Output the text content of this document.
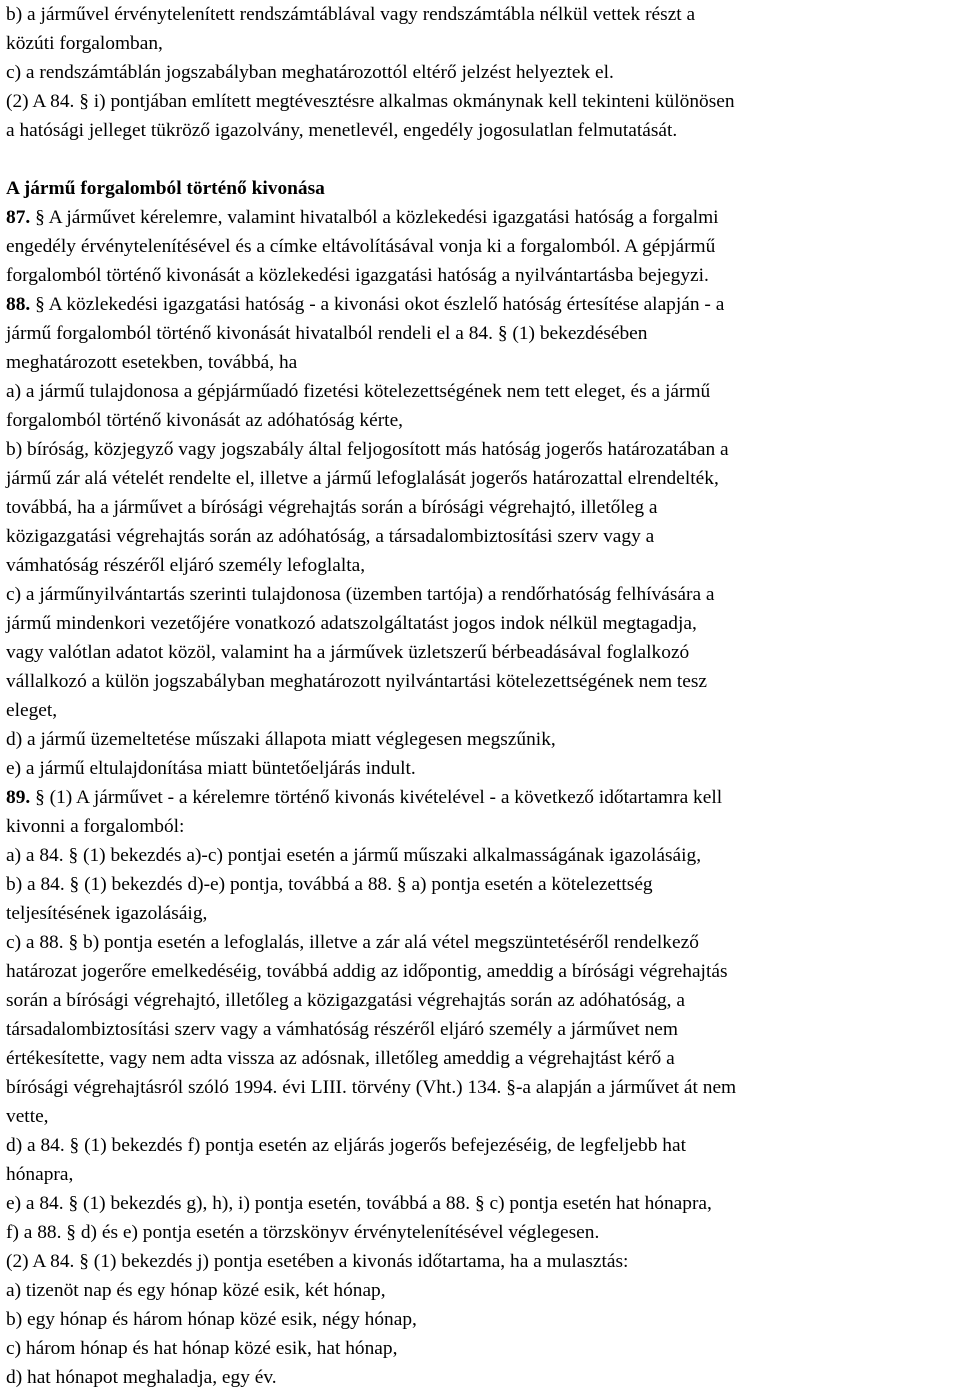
b) a járművel érvénytelenített rendszámtáblával vagy rendszámtábla nélkül vettek részt a

közúti forgalomban,

c) a rendszámtáblán jogszabályban meghatározottól eltérő jelzést helyeztek el.

(2) A 84. § i) pontjában említett megtévesztésre alkalmas okmánynak kell tekinteni különösen

a hatósági jelleget tükröző igazolvány, menetlevél, engedély jogosulatlan felmutatását.

A jármű forgalomból történő kivonása

87. § A járművet kérelemre, valamint hivatalból a közlekedési igazgatási hatóság a forgalmi

engedély érvénytelenítésével és a címke eltávolításával vonja ki a forgalomból. A gépjármű

forgalomból történő kivonását a közlekedési igazgatási hatóság a nyilvántartásba bejegyzi.

88. § A közlekedési igazgatási hatóság - a kivonási okot észlelő hatóság értesítése alapján - a

jármű forgalomból történő kivonását hivatalból rendeli el a 84. § (1) bekezdésében

meghatározott esetekben, továbbá, ha

a) a jármű tulajdonosa a gépjárműadó fizetési kötelezettségének nem tett eleget, és a jármű

forgalomból történő kivonását az adóhatóság kérte,

b) bíróság, közjegyző vagy jogszabály által feljogosított más hatóság jogerős határozatában a

jármű zár alá vételét rendelte el, illetve a jármű lefoglalását jogerős határozattal elrendelték,

továbbá, ha a járművet a bírósági végrehajtás során a bírósági végrehajtó, illetőleg a

közigazgatási végrehajtás során az adóhatóság, a társadalombiztosítási szerv vagy a

vámhatóság részéről eljáró személy lefoglalta,

c) a járműnyilvántartás szerinti tulajdonosa (üzemben tartója) a rendőrhatóság felhívására a

jármű mindenkori vezetőjére vonatkozó adatszolgáltatást jogos indok nélkül megtagadja,

vagy valótlan adatot közöl, valamint ha a járművek üzletszerű bérbeadásával foglalkozó

vállalkozó a külön jogszabályban meghatározott nyilvántartási kötelezettségének nem tesz

eleget,

d) a jármű üzemeltetése műszaki állapota miatt véglegesen megszűnik,

e) a jármű eltulajdonítása miatt büntetőeljárás indult.

89. § (1) A járművet - a kérelemre történő kivonás kivételével - a következő időtartamra kell

kivonni a forgalomból:

a) a 84. § (1) bekezdés a)-c) pontjai esetén a jármű műszaki alkalmasságának igazolásáig,

b) a 84. § (1) bekezdés d)-e) pontja, továbbá a 88. § a) pontja esetén a kötelezettség

teljesítésének igazolásáig,

c) a 88. § b) pontja esetén a lefoglalás, illetve a zár alá vétel megszüntetéséről rendelkező

határozat jogerőre emelkedéséig, továbbá addig az időpontig, ameddig a bírósági végrehajtás

során a bírósági végrehajtó, illetőleg a közigazgatási végrehajtás során az adóhatóság, a

társadalombiztosítási szerv vagy a vámhatóság részéről eljáró személy a járművet nem

értékesítette, vagy nem adta vissza az adósnak, illetőleg ameddig a végrehajtást kérő a

bírósági végrehajtásról szóló 1994. évi LIII. törvény (Vht.) 134. §-a alapján a járművet át nem

vette,

d) a 84. § (1) bekezdés f) pontja esetén az eljárás jogerős befejezéséig, de legfeljebb hat

hónapra,

e) a 84. § (1) bekezdés g), h), i) pontja esetén, továbbá a 88. § c) pontja esetén hat hónapra,

f) a 88. § d) és e) pontja esetén a törzskönyv érvénytelenítésével véglegesen.

(2) A 84. § (1) bekezdés j) pontja esetében a kivonás időtartama, ha a mulasztás:

a) tizenöt nap és egy hónap közé esik, két hónap,

b) egy hónap és három hónap közé esik, négy hónap,

c) három hónap és hat hónap közé esik, hat hónap,

d) hat hónapot meghaladja, egy év.
